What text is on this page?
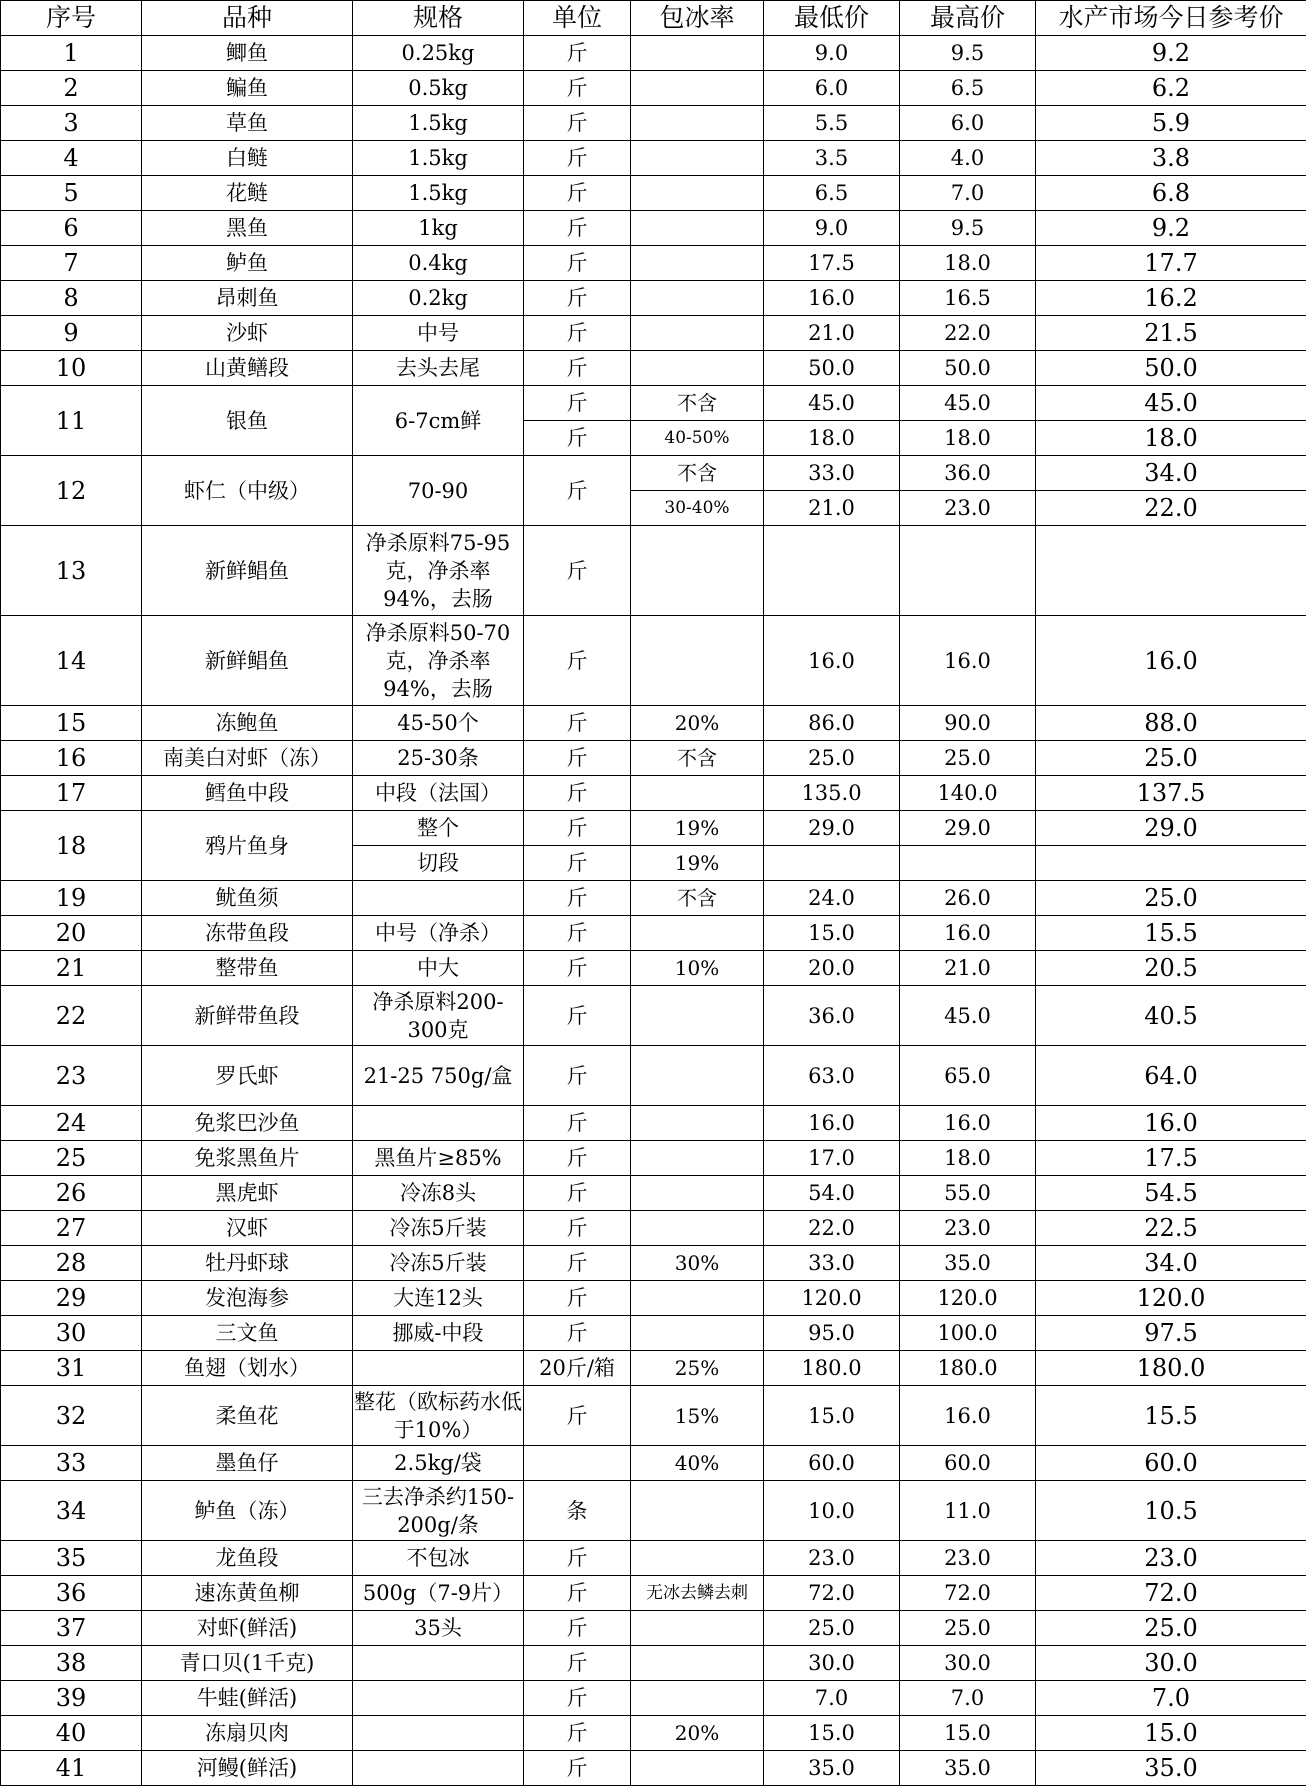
序号	品种	规格	单位	包冰率	最低价	最高价	水产市场今日参考价
1	鲫鱼	0.25kg	斤		9.0	9.5	9.2
2	鳊鱼	0.5kg	斤		6.0	6.5	6.2
3	草鱼	1.5kg	斤		5.5	6.0	5.9
4	白鲢	1.5kg	斤		3.5	4.0	3.8
5	花鲢	1.5kg	斤		6.5	7.0	6.8
6	黑鱼	1kg	斤		9.0	9.5	9.2
7	鲈鱼	0.4kg	斤		17.5	18.0	17.7
8	昂刺鱼	0.2kg	斤		16.0	16.5	16.2
9	沙虾	中号	斤		21.0	22.0	21.5
10	山黄鳝段	去头去尾	斤		50.0	50.0	50.0
11	银鱼	6-7cm鲜	斤	不含	45.0	45.0	45.0
			斤	40-50%	18.0	18.0	18.0
12	虾仁（中级）	70-90	斤	不含	33.0	36.0	34.0
				30-40%	21.0	23.0	22.0
13	新鲜鲳鱼	净杀原料75-95克，净杀率94%，去肠	斤				
14	新鲜鲳鱼	净杀原料50-70克，净杀率94%，去肠	斤		16.0	16.0	16.0
15	冻鲍鱼	45-50个	斤	20%	86.0	90.0	88.0
16	南美白对虾（冻）	25-30条	斤	不含	25.0	25.0	25.0
17	鳕鱼中段	中段（法国）	斤		135.0	140.0	137.5
18	鸦片鱼身	整个	斤	19%	29.0	29.0	29.0
		切段	斤	19%			
19	鱿鱼须		斤	不含	24.0	26.0	25.0
20	冻带鱼段	中号（净杀）	斤		15.0	16.0	15.5
21	整带鱼	中大	斤	10%	20.0	21.0	20.5
22	新鲜带鱼段	净杀原料200-300克	斤		36.0	45.0	40.5
23	罗氏虾	21-25 750g/盒	斤		63.0	65.0	64.0
24	免浆巴沙鱼		斤		16.0	16.0	16.0
25	免浆黑鱼片	黑鱼片≥85%	斤		17.0	18.0	17.5
26	黑虎虾	冷冻8头	斤		54.0	55.0	54.5
27	汉虾	冷冻5斤装	斤		22.0	23.0	22.5
28	牡丹虾球	冷冻5斤装	斤	30%	33.0	35.0	34.0
29	发泡海参	大连12头	斤		120.0	120.0	120.0
30	三文鱼	挪威-中段	斤		95.0	100.0	97.5
31	鱼翅（划水）		20斤/箱	25%	180.0	180.0	180.0
32	柔鱼花	整花（欧标药水低于10%）	斤	15%	15.0	16.0	15.5
33	墨鱼仔	2.5kg/袋		40%	60.0	60.0	60.0
34	鲈鱼（冻）	三去净杀约150-200g/条	条		10.0	11.0	10.5
35	龙鱼段	不包冰	斤		23.0	23.0	23.0
36	速冻黄鱼柳	500g（7-9片）	斤	无冰去鳞去刺	72.0	72.0	72.0
37	对虾(鲜活)	35头	斤		25.0	25.0	25.0
38	青口贝(1千克)		斤		30.0	30.0	30.0
39	牛蛙(鲜活)		斤		7.0	7.0	7.0
40	冻扇贝肉		斤	20%	15.0	15.0	15.0
41	河鳗(鲜活)		斤		35.0	35.0	35.0
